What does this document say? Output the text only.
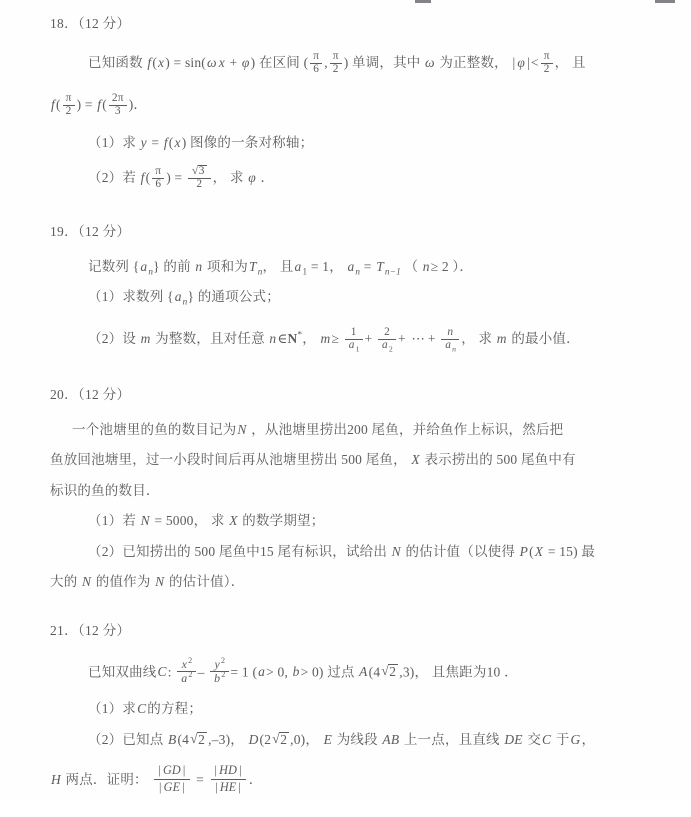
18．（12 分）
已知函数 f(x) = sin(ω x + φ) 在区间 ( $\frac{\pi}{6}$ , $\frac{\pi}{2}$ ) 单调，其中 ω 为正整数， | φ |< $\frac{\pi}{2}$ ， 且
$f( \frac{\pi}{2}$ ) = $f( \frac{2\pi}{3}$ )．
（1）求 y = f(x) 图像的一条对称轴；
（2）若 $f( \frac{\pi}{6}$ ) = √ $\frac{3}{2}$ ， 求 φ ．
19．（12 分）
记数列 $\{a_n\}$ 的前 n 项和为$T_n$， 且$a_1 = 1$， $a_n = T_{n-1}$ （ n≥ 2 ）．
（1）求数列 $\{a_n\}$ 的通项公式；
（2）设 m 为整数，且对任意 n∈N*， $m\ge \frac{1}{a_1} + \frac{2}{a_2}$ + ⋯ + $\frac{n}{a_n}$ ， 求 m 的最小值．
20．（12 分）
一个池塘里的鱼的数目记为N ，从池塘里捞出200 尾鱼，并给鱼作上标识，然后把
鱼放回池塘里，过一小段时间后再从池塘里捞出 500 尾鱼， X 表示捞出的 500 尾鱼中有
标识的鱼的数目．
（1）若 N = 5000， 求 X 的数学期望；
（2）已知捞出的 500 尾鱼中15 尾有标识，试给出 N 的估计值（以使得 P(X = 15) 最
大的 N 的值作为 N 的估计值）．
21．（12 分）
已知双曲线C: $\frac{x^2}{a^2} - \frac{y^2}{b^2} = 1$ (a> 0, b> 0) 过点 A(4 √ 2 ,3)， 且焦距为10 ．
（1）求C的方程；
（2）已知点 B(4 √ 2 ,–3)， D(2 √ 2 ,0)， E 为线段 AB 上一点，且直线 DE 交C 于G，
H 两点．证明： $\frac{| GD |}{| GE |} = \frac{| HD |}{| HE |}$ ．
